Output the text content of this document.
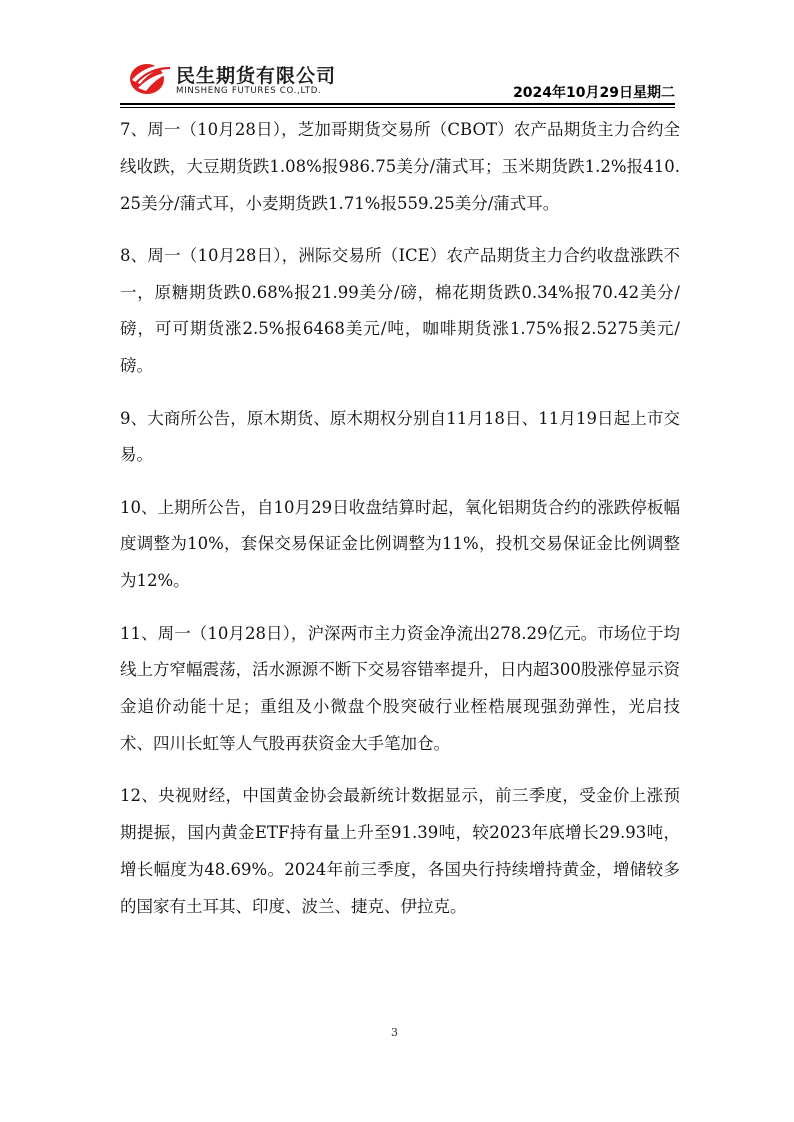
民生期货有限公司
MINSHENG FUTURES CO.,LTD.	2024年10月29日星期二

7、周一（10月28日），芝加哥期货交易所（CBOT）农产品期货主力合约全线收跌，大豆期货跌1.08%报986.75美分/蒲式耳；玉米期货跌1.2%报410.25美分/蒲式耳，小麦期货跌1.71%报559.25美分/蒲式耳。

8、周一（10月28日），洲际交易所（ICE）农产品期货主力合约收盘涨跌不一，原糖期货跌0.68%报21.99美分/磅，棉花期货跌0.34%报70.42美分/磅，可可期货涨2.5%报6468美元/吨，咖啡期货涨1.75%报2.5275美元/磅。

9、大商所公告，原木期货、原木期权分别自11月18日、11月19日起上市交易。

10、上期所公告，自10月29日收盘结算时起，氧化铝期货合约的涨跌停板幅度调整为10%，套保交易保证金比例调整为11%，投机交易保证金比例调整为12%。

11、周一（10月28日），沪深两市主力资金净流出278.29亿元。市场位于均线上方窄幅震荡，活水源源不断下交易容错率提升，日内超300股涨停显示资金追价动能十足；重组及小微盘个股突破行业桎梏展现强劲弹性，光启技术、四川长虹等人气股再获资金大手笔加仓。

12、央视财经，中国黄金协会最新统计数据显示，前三季度，受金价上涨预期提振，国内黄金ETF持有量上升至91.39吨，较2023年底增长29.93吨，增长幅度为48.69%。2024年前三季度，各国央行持续增持黄金，增储较多的国家有土耳其、印度、波兰、捷克、伊拉克。

3
